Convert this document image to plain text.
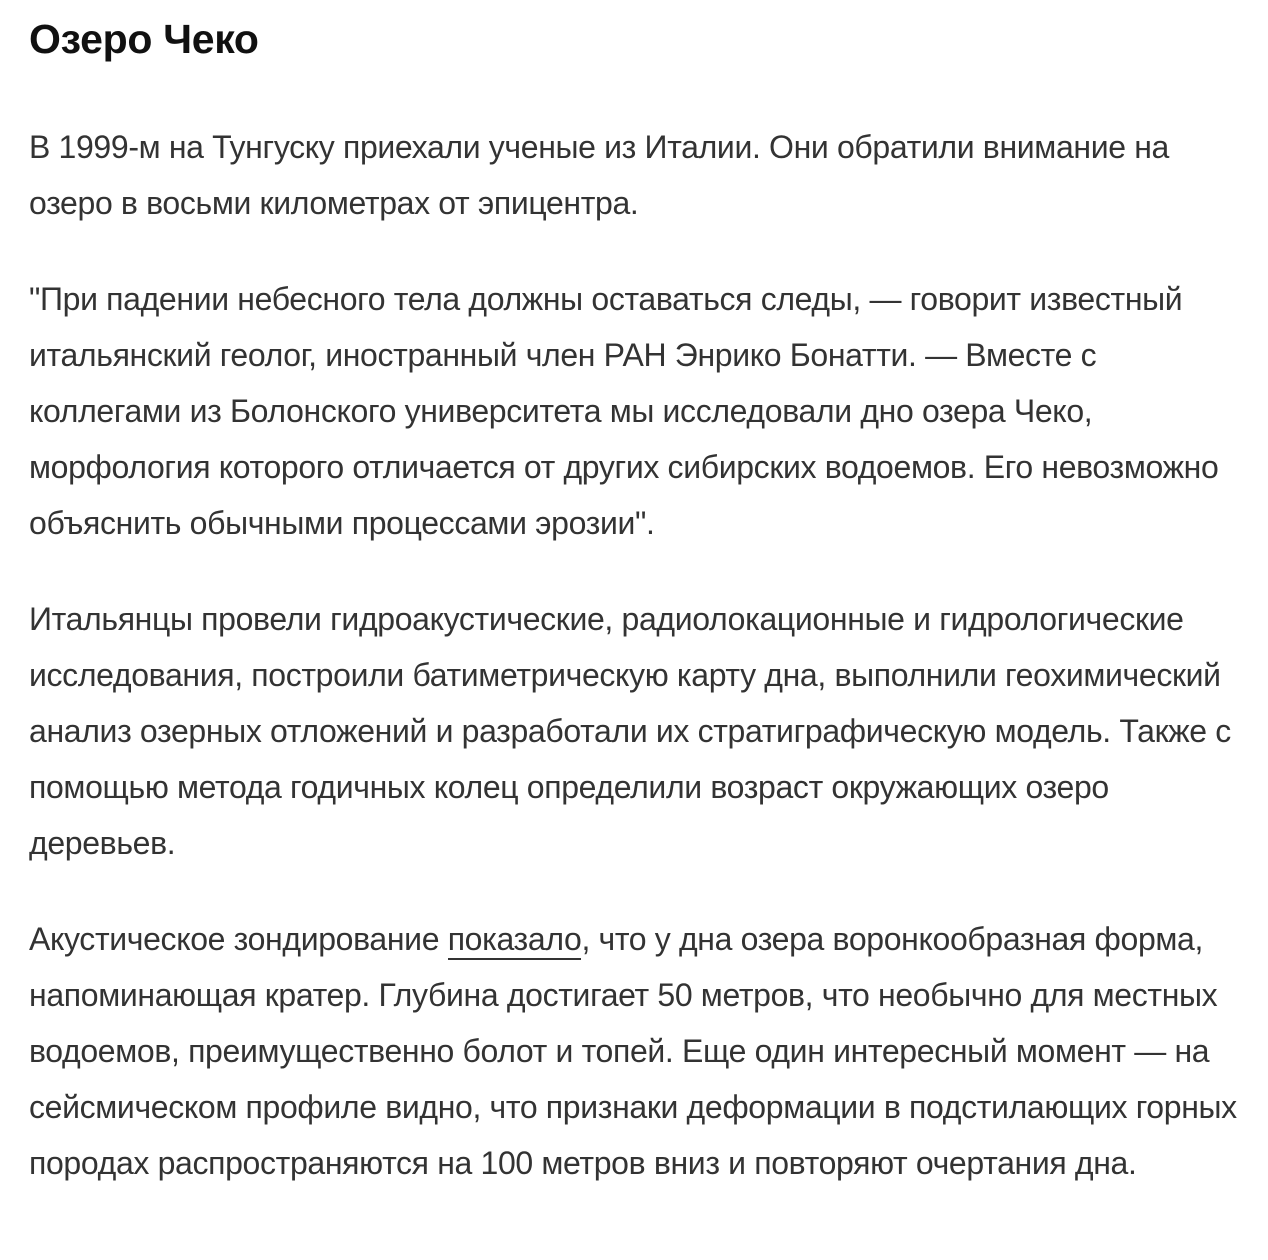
Озеро Чеко

В 1999-м на Тунгуску приехали ученые из Италии. Они обратили внимание на озеро в восьми километрах от эпицентра.

"При падении небесного тела должны оставаться следы, — говорит известный итальянский геолог, иностранный член РАН Энрико Бонатти. — Вместе с коллегами из Болонского университета мы исследовали дно озера Чеко, морфология которого отличается от других сибирских водоемов. Его невозможно объяснить обычными процессами эрозии".

Итальянцы провели гидроакустические, радиолокационные и гидрологические исследования, построили батиметрическую карту дна, выполнили геохимический анализ озерных отложений и разработали их стратиграфическую модель. Также с помощью метода годичных колец определили возраст окружающих озеро деревьев.

Акустическое зондирование показало, что у дна озера воронкообразная форма, напоминающая кратер. Глубина достигает 50 метров, что необычно для местных водоемов, преимущественно болот и топей. Еще один интересный момент — на сейсмическом профиле видно, что признаки деформации в подстилающих горных породах распространяются на 100 метров вниз и повторяют очертания дна.
